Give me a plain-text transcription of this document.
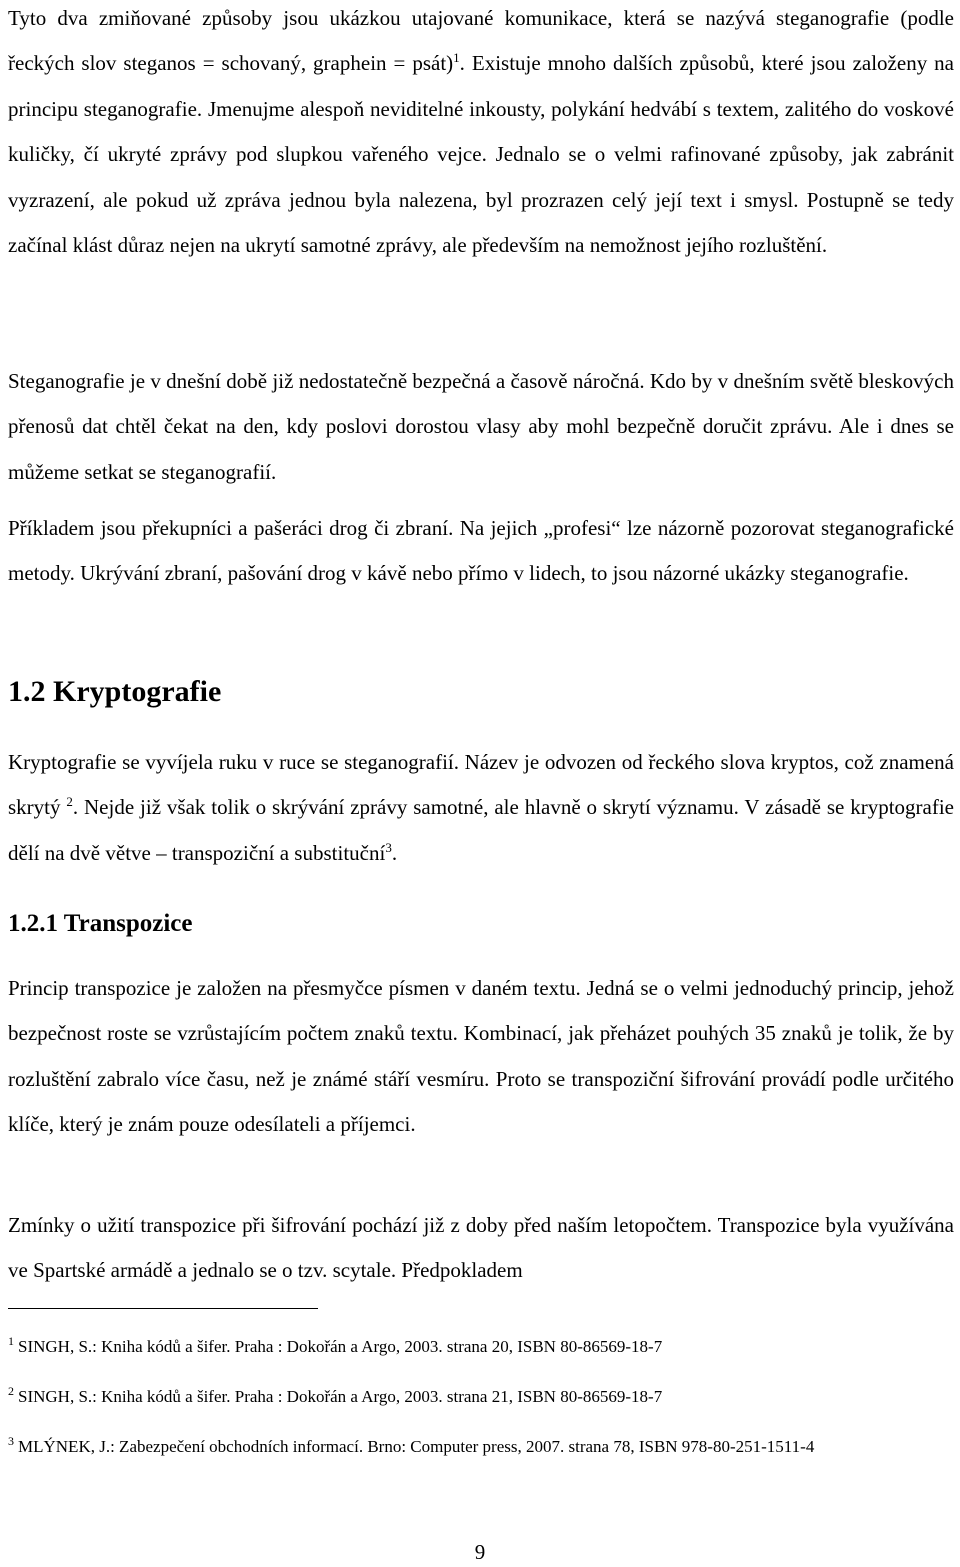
Tyto dva zmiňované způsoby jsou ukázkou utajované komunikace, která se nazývá steganografie (podle řeckých slov steganos = schovaný, graphein = psát)$^1$. Existuje mnoho dalších způsobů, které jsou založeny na principu steganografie. Jmenujme alespoň neviditelné inkousty, polykání hedvábí s textem, zalitého do voskové kuličky, čí ukryté zprávy pod slupkou vařeného vejce. Jednalo se o velmi rafinované způsoby, jak zabránit vyzrazení, ale pokud už zpráva jednou byla nalezena, byl prozrazen celý její text i smysl. Postupně se tedy začínal klást důraz nejen na ukrytí samotné zprávy, ale především na nemožnost jejího rozluštění.

Steganografie je v dnešní době již nedostatečně bezpečná a časově náročná. Kdo by v dnešním světě bleskových přenosů dat chtěl čekat na den, kdy poslovi dorostou vlasy aby mohl bezpečně doručit zprávu. Ale i dnes se můžeme setkat se steganografií.

Příkladem jsou překupníci a pašeráci drog či zbraní. Na jejich „profesi“ lze názorně pozorovat steganografické metody. Ukrývání zbraní, pašování drog v kávě nebo přímo v lidech, to jsou názorné ukázky steganografie.

1.2 Kryptografie

Kryptografie se vyvíjela ruku v ruce se steganografií. Název je odvozen od řeckého slova kryptos, což znamená skrytý $^2$. Nejde již však tolik o skrývání zprávy samotné, ale hlavně o skrytí významu. V zásadě se kryptografie dělí na dvě větve – transpoziční a substituční$^3$.

1.2.1 Transpozice

Princip transpozice je založen na přesmyčce písmen v daném textu. Jedná se o velmi jednoduchý princip, jehož bezpečnost roste se vzrůstajícím počtem znaků textu. Kombinací, jak přeházet pouhých 35 znaků je tolik, že by rozluštění zabralo více času, než je známé stáří vesmíru. Proto se transpoziční šifrování provádí podle určitého klíče, který je znám pouze odesílateli a příjemci.

Zmínky o užití transpozice při šifrování pochází již z doby před naším letopočtem. Transpozice byla využívána ve Spartské armádě a jednalo se o tzv. scytale. Předpokladem

$^1$ SINGH, S.: Kniha kódů a šifer. Praha : Dokořán a Argo, 2003. strana 20, ISBN 80-86569-18-7

$^2$ SINGH, S.: Kniha kódů a šifer. Praha : Dokořán a Argo, 2003. strana 21, ISBN 80-86569-18-7

$^3$ MLÝNEK, J.: Zabezpečení obchodních informací. Brno: Computer press, 2007. strana 78, ISBN 978-80-251-1511-4

9
